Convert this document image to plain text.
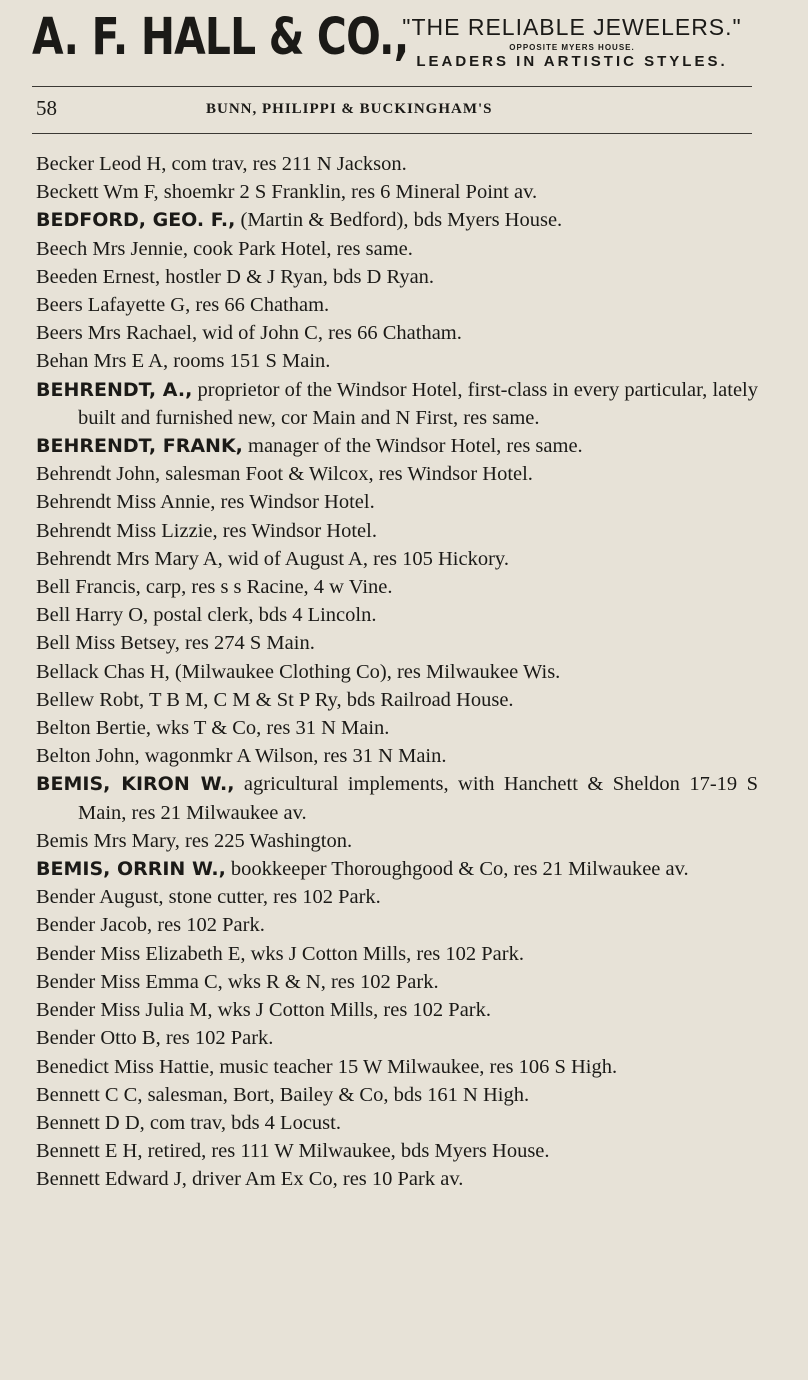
A. F. HALL & CO.,
"THE RELIABLE JEWELERS."
OPPOSITE MYERS HOUSE.
LEADERS IN ARTISTIC STYLES.
58	BUNN, PHILIPPI & BUCKINGHAM'S

Becker Leod H, com trav, res 211 N Jackson.

Beckett Wm F, shoemkr 2 S Franklin, res 6 Mineral Point av.

BEDFORD, GEO. F., (Martin & Bedford), bds Myers House.

Beech Mrs Jennie, cook Park Hotel, res same.

Beeden Ernest, hostler D & J Ryan, bds D Ryan.

Beers Lafayette G, res 66 Chatham.

Beers Mrs Rachael, wid of John C, res 66 Chatham.

Behan Mrs E A, rooms 151 S Main.

BEHRENDT, A., proprietor of the Windsor Hotel, first-class in every particular, lately built and furnished new, cor Main and N First, res same.

BEHRENDT, FRANK, manager of the Windsor Hotel, res same.

Behrendt John, salesman Foot & Wilcox, res Windsor Hotel.

Behrendt Miss Annie, res Windsor Hotel.

Behrendt Miss Lizzie, res Windsor Hotel.

Behrendt Mrs Mary A, wid of August A, res 105 Hickory.

Bell Francis, carp, res s s Racine, 4 w Vine.

Bell Harry O, postal clerk, bds 4 Lincoln.

Bell Miss Betsey, res 274 S Main.

Bellack Chas H, (Milwaukee Clothing Co), res Milwaukee Wis.

Bellew Robt, T B M, C M & St P Ry, bds Railroad House.

Belton Bertie, wks T & Co, res 31 N Main.

Belton John, wagonmkr A Wilson, res 31 N Main.

BEMIS, KIRON W., agricultural implements, with Hanchett & Sheldon 17-19 S Main, res 21 Milwaukee av.

Bemis Mrs Mary, res 225 Washington.

BEMIS, ORRIN W., bookkeeper Thoroughgood & Co, res 21 Milwaukee av.

Bender August, stone cutter, res 102 Park.

Bender Jacob, res 102 Park.

Bender Miss Elizabeth E, wks J Cotton Mills, res 102 Park.

Bender Miss Emma C, wks R & N, res 102 Park.

Bender Miss Julia M, wks J Cotton Mills, res 102 Park.

Bender Otto B, res 102 Park.

Benedict Miss Hattie, music teacher 15 W Milwaukee, res 106 S High.

Bennett C C, salesman, Bort, Bailey & Co, bds 161 N High.

Bennett D D, com trav, bds 4 Locust.

Bennett E H, retired, res 111 W Milwaukee, bds Myers House.

Bennett Edward J, driver Am Ex Co, res 10 Park av.
